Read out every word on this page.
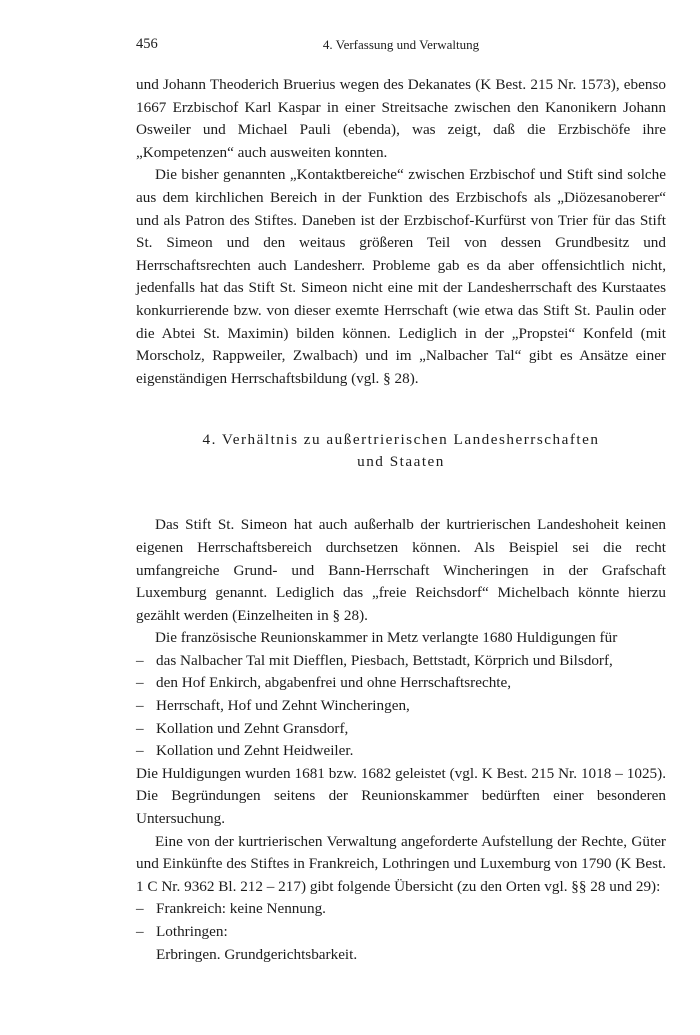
456	4. Verfassung und Verwaltung

und Johann Theoderich Bruerius wegen des Dekanates (K Best. 215 Nr. 1573), ebenso 1667 Erzbischof Karl Kaspar in einer Streitsache zwischen den Kanonikern Johann Osweiler und Michael Pauli (ebenda), was zeigt, daß die Erzbischöfe ihre „Kompetenzen“ auch ausweiten konnten.

Die bisher genannten „Kontaktbereiche“ zwischen Erzbischof und Stift sind solche aus dem kirchlichen Bereich in der Funktion des Erzbischofs als „Diözesanoberer“ und als Patron des Stiftes. Daneben ist der Erzbischof-Kurfürst von Trier für das Stift St. Simeon und den weitaus größeren Teil von dessen Grundbesitz und Herrschaftsrechten auch Landesherr. Probleme gab es da aber offensichtlich nicht, jedenfalls hat das Stift St. Simeon nicht eine mit der Landesherrschaft des Kurstaates konkurrierende bzw. von dieser exemte Herrschaft (wie etwa das Stift St. Paulin oder die Abtei St. Maximin) bilden können. Lediglich in der „Propstei“ Konfeld (mit Morscholz, Rappweiler, Zwalbach) und im „Nalbacher Tal“ gibt es Ansätze einer eigenständigen Herrschaftsbildung (vgl. § 28).

4. Verhältnis zu außertrierischen Landesherrschaften
und Staaten

Das Stift St. Simeon hat auch außerhalb der kurtrierischen Landeshoheit keinen eigenen Herrschaftsbereich durchsetzen können. Als Beispiel sei die recht umfangreiche Grund- und Bann-Herrschaft Wincheringen in der Grafschaft Luxemburg genannt. Lediglich das „freie Reichsdorf“ Michelbach könnte hierzu gezählt werden (Einzelheiten in § 28).

Die französische Reunionskammer in Metz verlangte 1680 Huldigungen für

– das Nalbacher Tal mit Diefflen, Piesbach, Bettstadt, Körprich und Bilsdorf,
– den Hof Enkirch, abgabenfrei und ohne Herrschaftsrechte,
– Herrschaft, Hof und Zehnt Wincheringen,
– Kollation und Zehnt Gransdorf,
– Kollation und Zehnt Heidweiler.

Die Huldigungen wurden 1681 bzw. 1682 geleistet (vgl. K Best. 215 Nr. 1018 – 1025). Die Begründungen seitens der Reunionskammer bedürften einer besonderen Untersuchung.

Eine von der kurtrierischen Verwaltung angeforderte Aufstellung der Rechte, Güter und Einkünfte des Stiftes in Frankreich, Lothringen und Luxemburg von 1790 (K Best. 1 C Nr. 9362 Bl. 212 – 217) gibt folgende Übersicht (zu den Orten vgl. §§ 28 und 29):

– Frankreich: keine Nennung.
– Lothringen:
Erbringen. Grundgerichtsbarkeit.
